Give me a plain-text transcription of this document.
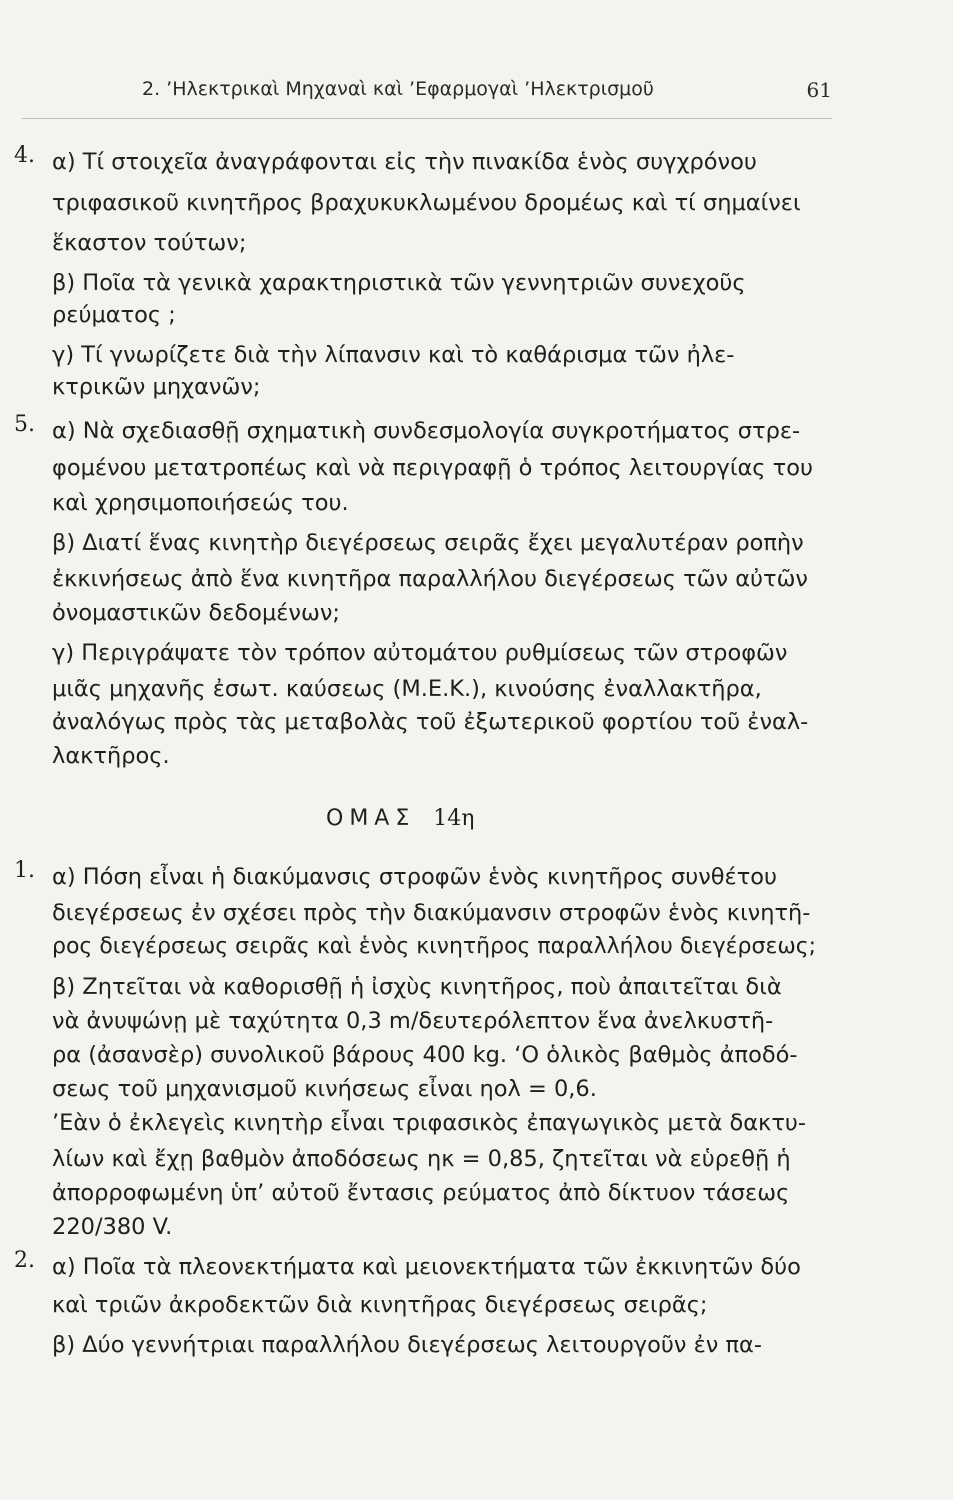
2. ’Ηλεκτρικαὶ Μηχαναὶ καὶ ’Εφαρμογαὶ ’Ηλεκτρισμοῦ	61
4. α) Τί στοιχεῖα ἀναγράφονται εἰς τὴν πινακίδα ἑνὸς συγχρόνου
τριφασικοῦ κινητῆρος βραχυκυκλωμένου δρομέως καὶ τί σημαίνει
ἕκαστον τούτων;
β) Ποῖα τὰ γενικὰ χαρακτηριστικὰ τῶν γεννητριῶν συνεχοῦς
ρεύματος ;
γ) Τί γνωρίζετε διὰ τὴν λίπανσιν καὶ τὸ καθάρισμα τῶν ἠλε-
κτρικῶν μηχανῶν;
5. α) Νὰ σχεδιασθῇ σχηματικὴ συνδεσμολογία συγκροτήματος στρε-
φομένου μετατροπέως καὶ νὰ περιγραφῇ ὁ τρόπος λειτουργίας του
καὶ χρησιμοποιήσεώς του.
β) Διατί ἕνας κινητὴρ διεγέρσεως σειρᾶς ἔχει μεγαλυτέραν ροπὴν
ἐκκινήσεως ἀπὸ ἕνα κινητῆρα παραλλήλου διεγέρσεως τῶν αὐτῶν
ὀνομαστικῶν δεδομένων;
γ) Περιγράψατε τὸν τρόπον αὐτομάτου ρυθμίσεως τῶν στροφῶν
μιᾶς μηχανῆς ἐσωτ. καύσεως (Μ.Ε.Κ.), κινούσης ἐναλλακτῆρα,
ἀναλόγως πρὸς τὰς μεταβολὰς τοῦ ἐξωτερικοῦ φορτίου τοῦ ἐναλ-
λακτῆρος.
ΟΜΑΣ 14η
1. α) Πόση εἶναι ἡ διακύμανσις στροφῶν ἑνὸς κινητῆρος συνθέτου
διεγέρσεως ἐν σχέσει πρὸς τὴν διακύμανσιν στροφῶν ἑνὸς κινητῆ-
ρος διεγέρσεως σειρᾶς καὶ ἑνὸς κινητῆρος παραλλήλου διεγέρσεως;
β) Ζητεῖται νὰ καθορισθῇ ἡ ἰσχὺς κινητῆρος, ποὺ ἀπαιτεῖται διὰ
νὰ ἀνυψώνῃ μὲ ταχύτητα 0,3 m/δευτερόλεπτον ἕνα ἀνελκυστῆ-
ρα (ἀσανσὲρ) συνολικοῦ βάρους 400 kg. ‘Ο ὁλικὸς βαθμὸς ἀποδό-
σεως τοῦ μηχανισμοῦ κινήσεως εἶναι ηολ = 0,6.
’Εὰν ὁ ἐκλεγεὶς κινητὴρ εἶναι τριφασικὸς ἐπαγωγικὸς μετὰ δακτυ-
λίων καὶ ἔχῃ βαθμὸν ἀποδόσεως ηκ = 0,85, ζητεῖται νὰ εὑρεθῇ ἡ
ἀπορροφωμένη ὑπ’ αὐτοῦ ἔντασις ρεύματος ἀπὸ δίκτυον τάσεως
220/380 V.
2. α) Ποῖα τὰ πλεονεκτήματα καὶ μειονεκτήματα τῶν ἐκκινητῶν δύο
καὶ τριῶν ἀκροδεκτῶν διὰ κινητῆρας διεγέρσεως σειρᾶς;
β) Δύο γεννήτριαι παραλλήλου διεγέρσεως λειτουργοῦν ἐν πα-
